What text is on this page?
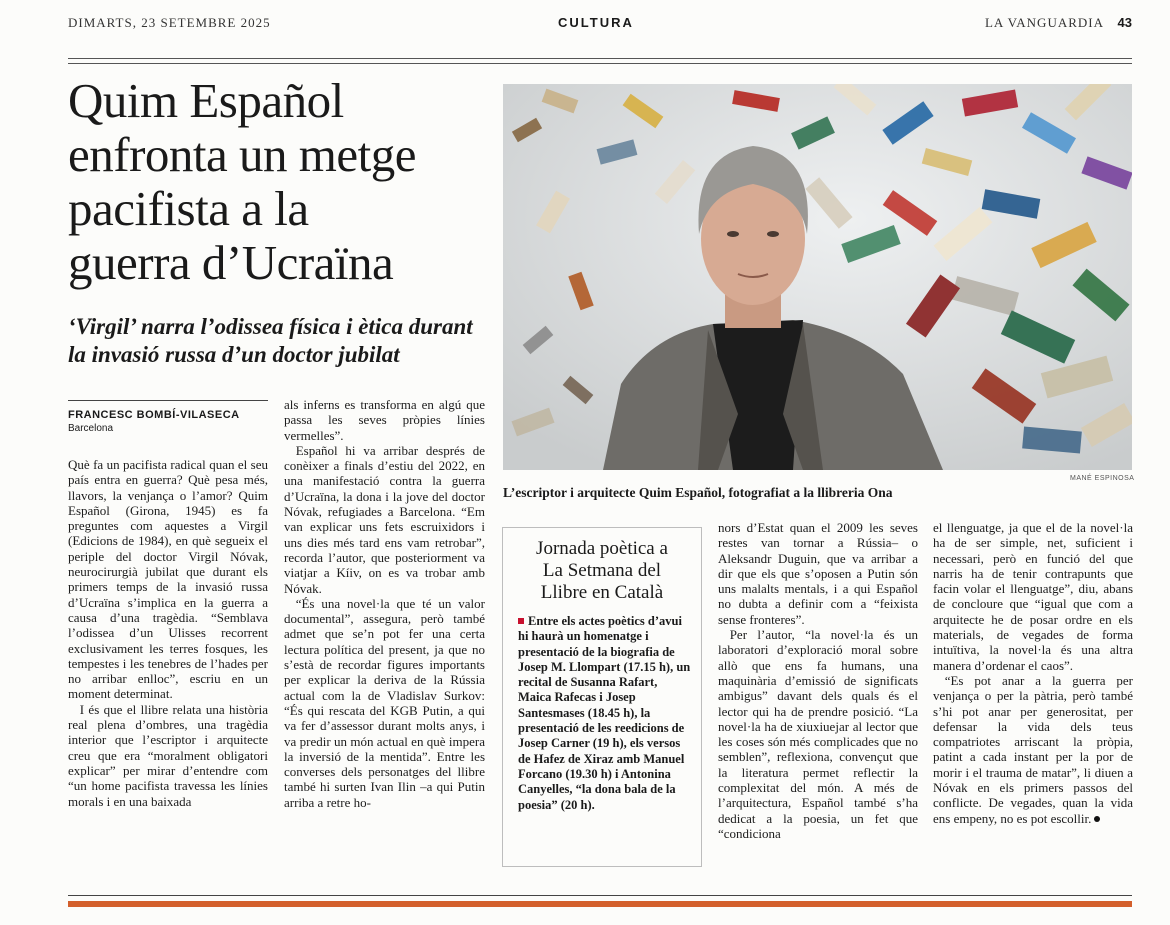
DIMARTS, 23 SETEMBRE 2025	CULTURA	LA VANGUARDIA 43
Quim Español
enfronta un metge
pacifista a la
guerra d’Ucraïna
‘Virgil’ narra l’odissea física i ètica durant
la invasió russa d’un doctor jubilat
MANÉ ESPINOSA
L’escriptor i arquitecte Quim Español, fotografiat a la llibreria Ona
FRANCESC BOMBÍ-VILASECA
Barcelona

Què fa un pacifista radical quan el seu país entra en guerra? Què pesa més, llavors, la venjança o l’amor? Quim Español (Girona, 1945) es fa preguntes com aquestes a Virgil (Edicions de 1984), en què segueix el periple del doctor Virgil Nóvak, neurocirurgià jubilat que durant els primers temps de la invasió russa d’Ucraïna s’implica en la guerra a causa d’una tragèdia. “Semblava l’odissea d’un Ulisses recorrent exclusivament les terres fosques, les tempestes i les tenebres de l’hades per no arribar enlloc”, escriu en un moment determinat.

I és que el llibre relata una història real plena d’ombres, una tragèdia interior que l’escriptor i arquitecte creu que era “moralment obligatori explicar” per mirar d’entendre com “un home pacifista travessa les línies morals i en una baixada

als inferns es transforma en algú que passa les seves pròpies línies vermelles”.

Español hi va arribar després de conèixer a finals d’estiu del 2022, en una manifestació contra la guerra d’Ucraïna, la dona i la jove del doctor Nóvak, refugiades a Barcelona. “Em van explicar uns fets escruixidors i uns dies més tard ens vam retrobar”, recorda l’autor, que posteriorment va viatjar a Kíiv, on es va trobar amb Nóvak.

“És una novel·la que té un valor documental”, assegura, però també admet que se’n pot fer una certa lectura política del present, ja que no s’està de recordar figures importants per explicar la deriva de la Rússia actual com la de Vladislav Surkov: “És qui rescata del KGB Putin, a qui va fer d’assessor durant molts anys, i va predir un món actual en què impera la inversió de la mentida”. Entre les converses dels personatges del llibre també hi surten Ivan Ilin –a qui Putin arriba a retre ho-

Jornada poètica a
La Setmana del
Llibre en Català

Entre els actes poètics d’avui hi haurà un homenatge i presentació de la biografia de Josep M. Llompart (17.15 h), un recital de Susanna Rafart, Maica Rafecas i Josep Santesmases (18.45 h), la presentació de les reedicions de Josep Carner (19 h), els versos de Hafez de Xiraz amb Manuel Forcano (19.30 h) i Antonina Canyelles, “la dona bala de la poesia” (20 h).

nors d’Estat quan el 2009 les seves restes van tornar a Rússia– o Aleksandr Duguin, que va arribar a dir que els que s’oposen a Putin són uns malalts mentals, i a qui Español no dubta a definir com a “feixista sense fronteres”.

Per l’autor, “la novel·la és un laboratori d’exploració moral sobre allò que ens fa humans, una maquinària d’emissió de significats ambigus” davant dels quals és el lector qui ha de prendre posició. “La novel·la ha de xiuxiuejar al lector que les coses són més complicades que no semblen”, reflexiona, convençut que la literatura permet reflectir la complexitat del món. A més de l’arquitectura, Español també s’ha dedicat a la poesia, un fet que “condiciona

el llenguatge, ja que el de la novel·la ha de ser simple, net, suficient i necessari, però en funció del que narris ha de tenir contrapunts que facin volar el llenguatge”, diu, abans de concloure que “igual que com a arquitecte he de posar ordre en els materials, de vegades de forma intuïtiva, la novel·la és una altra manera d’ordenar el caos”.

“Es pot anar a la guerra per venjança o per la pàtria, però també s’hi pot anar per generositat, per defensar la vida dels teus compatriotes arriscant la pròpia, patint a cada instant per la por de morir i el trauma de matar”, li diuen a Nóvak en els primers passos del conflicte. De vegades, quan la vida ens empeny, no es pot escollir.
